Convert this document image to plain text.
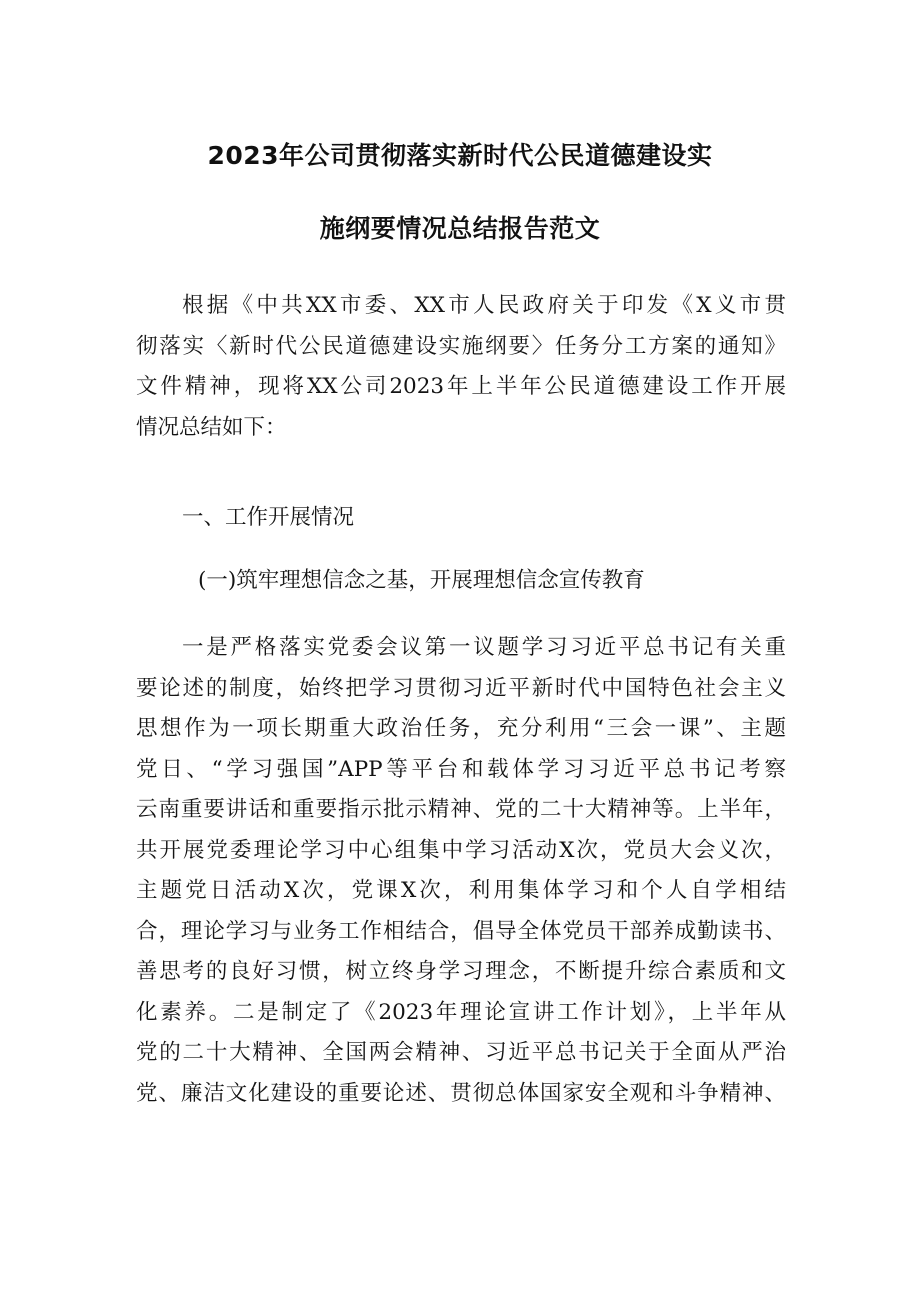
2023年公司贯彻落实新时代公民道德建设实
施纲要情况总结报告范文
根据《中共XX市委、XX市人民政府关于印发《X义市贯
彻落实〈新时代公民道德建设实施纲要〉任务分工方案的通知》
文件精神，现将XX公司2023年上半年公民道德建设工作开展
情况总结如下：
一、工作开展情况
(一)筑牢理想信念之基，开展理想信念宣传教育
一是严格落实党委会议第一议题学习习近平总书记有关重
要论述的制度，始终把学习贯彻习近平新时代中国特色社会主义
思想作为一项长期重大政治任务，充分利用“三会一课”、主题
党日、“学习强国”APP等平台和载体学习习近平总书记考察
云南重要讲话和重要指示批示精神、党的二十大精神等。上半年，
共开展党委理论学习中心组集中学习活动X次，党员大会义次，
主题党日活动X次，党课X次，利用集体学习和个人自学相结
合，理论学习与业务工作相结合，倡导全体党员干部养成勤读书、
善思考的良好习惯，树立终身学习理念，不断提升综合素质和文
化素养。二是制定了《2023年理论宣讲工作计划》，上半年从
党的二十大精神、全国两会精神、习近平总书记关于全面从严治
党、廉洁文化建设的重要论述、贯彻总体国家安全观和斗争精神、
